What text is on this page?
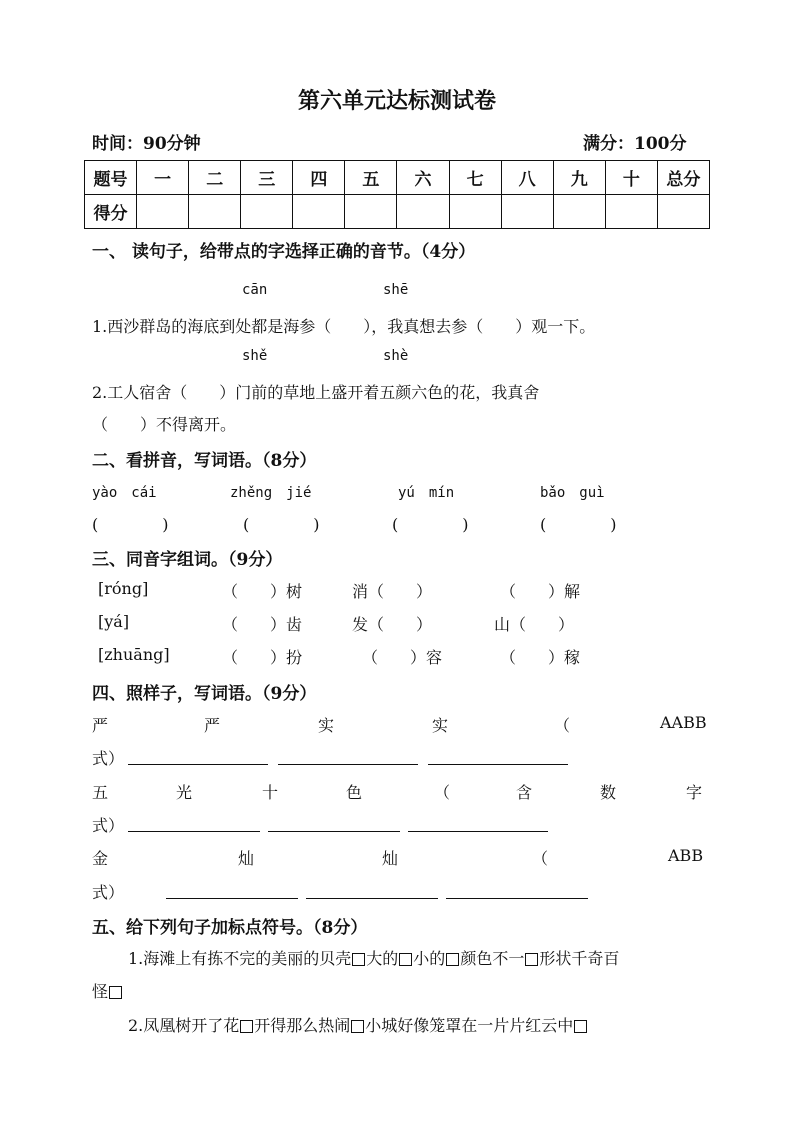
第六单元达标测试卷
时间：90分钟	满分：100分
题号	一	二	三	四	五	六	七	八	九	十	总分
得分											
一、 读句子，给带点的字选择正确的音节。（4分）
cān	shē
1.西沙群岛的海底到处都是海参（　　），我真想去参（　　）观一下。
shě	shè
2.工人宿舍（　　）门前的草地上盛开着五颜六色的花，我真舍
（　　）不得离开。
二、看拼音，写词语。（8分）
yào　cái	zhěng　jié	yú　mín	bǎo　guì
(　　　　)	(　　　　)	(　　　　)	(　　　　)
三、同音字组词。（9分）
[róng]	（　　）树	消（　　）	（　　）解
[yá]	（　　）齿	发（　　）	山（　　）
[zhuāng]	（　　）扮	（　　）容	（　　）稼
四、照样子，写词语。（9分）
严	严	实	实	（	AABB
式）
五	光	十	色	（	含	数	字
式）
金	灿	灿	（	ABB
式）
五、给下列句子加标点符号。（8分）
1.海滩上有拣不完的美丽的贝壳 大的 小的 颜色不一 形状千奇百
怪
2.凤凰树开了花 开得那么热闹 小城好像笼罩在一片片红云中
